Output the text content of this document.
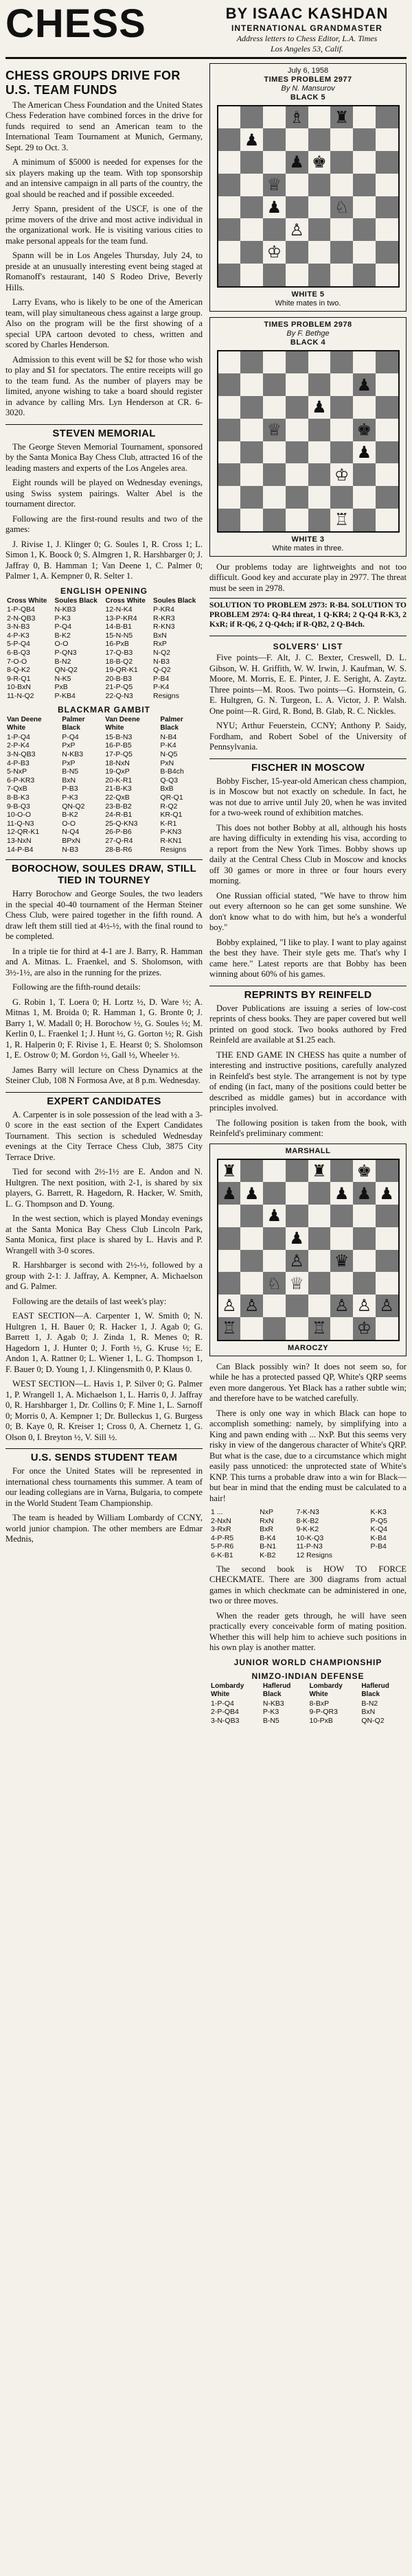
CHESS	BY ISAAC KASHDAN
INTERNATIONAL GRANDMASTER
Address letters to Chess Editor, L.A. Times
Los Angeles 53, Calif.
CHESS GROUPS DRIVE FOR U.S. TEAM FUNDS

The American Chess Foundation and the United States Chess Federation have combined forces in the drive for funds required to send an American team to the International Team Tournament at Munich, Germany, Sept. 29 to Oct. 3.

A minimum of $5000 is needed for expenses for the six players making up the team. With top sponsorship and an intensive campaign in all parts of the country, the goal should be reached and if possible exceeded.

Jerry Spann, president of the USCF, is one of the prime movers of the drive and most active individual in the organizational work. He is visiting various cities to make personal appeals for the team fund.

Spann will be in Los Angeles Thursday, July 24, to preside at an unusually interesting event being staged at Romanoff's restaurant, 140 S Rodeo Drive, Beverly Hills.

Larry Evans, who is likely to be one of the American team, will play simultaneous chess against a large group. Also on the program will be the first showing of a special UPA cartoon devoted to chess, written and scored by Charles Henderson.

Admission to this event will be $2 for those who wish to play and $1 for spectators. The entire receipts will go to the team fund. As the number of players may be limited, anyone wishing to take a board should register in advance by calling Mrs. Lyn Henderson at CR. 6-3020.

STEVEN MEMORIAL

The George Steven Memorial Tournament, sponsored by the Santa Monica Bay Chess Club, attracted 16 of the leading masters and experts of the Los Angeles area.

Eight rounds will be played on Wednesday evenings, using Swiss system pairings. Walter Abel is the tournament director.

Following are the first-round results and two of the games:

J. Rivise 1, J. Klinger 0; G. Soules 1, R. Cross 1; L. Simon 1, K. Boock 0; S. Almgren 1, R. Harshbarger 0; J. Jaffray 0, B. Hamman 1; Van Deene 1, C. Palmer 0; Palmer 1, A. Kempner 0, R. Selter 1.

ENGLISH OPENING
Cross White	Soules Black	Cross White	Soules Black
1-P-QB4	N-KB3	12-N-K4	P-KR4
2-N-QB3	P-K3	13-P-KR4	R-KR3
3-N-B3	P-Q4	14-B-B1	R-KN3
4-P-K3	B-K2	15-N-N5	BxN
5-P-Q4	O-O	16-PxB	RxP
6-B-Q3	P-QN3	17-Q-B3	N-Q2
7-O-O	B-N2	18-B-Q2	N-B3
8-Q-K2	QN-Q2	19-QR-K1	Q-Q2
9-R-Q1	N-K5	20-B-B3	P-B4
10-BxN	PxB	21-P-Q5	P-K4
11-N-Q2	P-KB4	22-Q-N3	Resigns
BLACKMAR GAMBIT
Van Deene White	Palmer Black	Van Deene White	Palmer Black
1-P-Q4	P-Q4	15-B-N3	N-B4
2-P-K4	PxP	16-P-B5	P-K4
3-N-QB3	N-KB3	17-P-Q5	N-Q5
4-P-B3	PxP	18-NxN	PxN
5-NxP	B-N5	19-QxP	B-B4ch
6-P-KR3	BxN	20-K-R1	Q-Q3
7-QxB	P-B3	21-B-K3	BxB
8-B-K3	P-K3	22-QxB	QR-Q1
9-B-Q3	QN-Q2	23-B-B2	R-Q2
10-O-O	B-K2	24-R-B1	KR-Q1
11-Q-N3	O-O	25-Q-KN3	K-R1
12-QR-K1	N-Q4	26-P-B6	P-KN3
13-NxN	BPxN	27-Q-R4	R-KN1
14-P-B4	N-B3	28-B-R6	Resigns
BOROCHOW, SOULES DRAW, STILL TIED IN TOURNEY

Harry Borochow and George Soules, the two leaders in the special 40-40 tournament of the Herman Steiner Chess Club, were paired together in the fifth round. A draw left them still tied at 4½-½, with the final round to be completed.

In a triple tie for third at 4-1 are J. Barry, R. Hamman and A. Mitnas. L. Fraenkel, and S. Sholomson, with 3½-1½, are also in the running for the prizes.

Following are the fifth-round details:

G. Robin 1, T. Loera 0; H. Lortz ½, D. Ware ½; A. Mitnas 1, M. Broida 0; R. Hamman 1, G. Bronte 0; J. Barry 1, W. Madall 0; H. Borochow ½, G. Soules ½; M. Kerlin 0, L. Fraenkel 1; J. Hunt ½, G. Gorton ½; R. Gish 1, R. Halperin 0; F. Rivise 1, E. Hearst 0; S. Sholomson 1, E. Ostrow 0; M. Gordon ½, Gall ½, Wheeler ½.

James Barry will lecture on Chess Dynamics at the Steiner Club, 108 N Formosa Ave, at 8 p.m. Wednesday.

EXPERT CANDIDATES

A. Carpenter is in sole possession of the lead with a 3-0 score in the east section of the Expert Candidates Tournament. This section is scheduled Wednesday evenings at the City Terrace Chess Club, 3875 City Terrace Drive.

Tied for second with 2½-1½ are E. Andon and N. Hultgren. The next position, with 2-1, is shared by six players, G. Barrett, R. Hagedorn, R. Hacker, W. Smith, L. G. Thompson and D. Young.

In the west section, which is played Monday evenings at the Santa Monica Bay Chess Club Lincoln Park, Santa Monica, first place is shared by L. Havis and P. Wrangell with 3-0 scores.

R. Harshbarger is second with 2½-½, followed by a group with 2-1: J. Jaffray, A. Kempner, A. Michaelson and G. Palmer.

Following are the details of last week's play:

EAST SECTION—A. Carpenter 1, W. Smith 0; N. Hultgren 1, H. Bauer 0; R. Hacker 1, J. Agab 0; G. Barrett 1, J. Agab 0; J. Zinda 1, R. Menes 0; R. Hagedorn 1, J. Hunter 0; J. Forth ½, G. Kruse ½; E. Andon 1, A. Rattner 0; L. Wiener 1, L. G. Thompson 1, F. Bauer 0; D. Young 1, J. Klingensmith 0, P. Klaus 0.

WEST SECTION—L. Havis 1, P. Silver 0; G. Palmer 1, P. Wrangell 1, A. Michaelson 1, L. Harris 0, J. Jaffray 0, R. Harshbarger 1, Dr. Collins 0; F. Mine 1, L. Sarnoff 0; Morris 0, A. Kempner 1; Dr. Bulleckus 1, G. Burgess 0; B. Kaye 0, R. Kreiser 1; Cross 0, A. Chernetz 1, G. Olson 0, I. Breyton ½, V. Sill ½.

U.S. SENDS STUDENT TEAM

For once the United States will be represented in international chess tournaments this summer. A team of our leading collegians are in Varna, Bulgaria, to compete in the World Student Team Championship.

The team is headed by William Lombardy of CCNY, world junior champion. The other members are Edmar Mednis,

July 6, 1958
TIMES PROBLEM 2977
By N. Mansurov
BLACK 5
♗ ♜
♟
♟ ♚
♕
♟	♘
♙
♔
WHITE 5
White mates in two.
TIMES PROBLEM 2978
By F. Bethge
BLACK 4
♟
♟
♕	♚
♟
♔
♖
WHITE 3
White mates in three.

Our problems today are lightweights and not too difficult. Good key and accurate play in 2977. The threat must be seen in 2978.

SOLUTION TO PROBLEM 2973: R-B4. SOLUTION TO PROBLEM 2974: Q-R4 threat, 1 Q-KR4; 2 Q-Q4 R-K3, 2 KxR; if R-Q6, 2 Q-Q4ch; if R-QB2, 2 Q-B4ch.

SOLVERS' LIST

Five points—F. Alt, J. C. Bexter, Creswell, D. L. Gibson, W. H. Griffith, W. W. Irwin, J. Kaufman, W. S. Moore, M. Morris, E. E. Pinter, J. E. Seright, A. Zaytz. Three points—M. Roos. Two points—G. Hornstein, G. E. Hultgren, G. N. Turgeon, L. A. Victor, J. P. Walsh. One point—R. Gird, R. Bond, B. Glab, R. C. Nickles.

NYU; Arthur Feuerstein, CCNY; Anthony P. Saidy, Fordham, and Robert Sobel of the University of Pennsylvania.

FISCHER IN MOSCOW

Bobby Fischer, 15-year-old American chess champion, is in Moscow but not exactly on schedule. In fact, he was not due to arrive until July 20, when he was invited for a two-week round of exhibition matches.

This does not bother Bobby at all, although his hosts are having difficulty in extending his visa, according to a report from the New York Times. Bobby shows up daily at the Central Chess Club in Moscow and knocks off 30 games or more in three or four hours every morning.

One Russian official stated, "We have to throw him out every afternoon so he can get some sunshine. We don't know what to do with him, but he's a wonderful boy."

Bobby explained, "I like to play. I want to play against the best they have. Their style gets me. That's why I came here." Latest reports are that Bobby has been winning about 60% of his games.

REPRINTS BY REINFELD

Dover Publications are issuing a series of low-cost reprints of chess books. They are paper covered but well printed on good stock. Two books authored by Fred Reinfeld are available at $1.25 each.

THE END GAME IN CHESS has quite a number of interesting and instructive positions, carefully analyzed in Reinfeld's best style. The arrangement is not by type of ending (in fact, many of the positions could better be described as middle games) but in accordance with principles involved.

The following position is taken from the book, with Reinfeld's preliminary comment:

MARSHALL
♜	♜ ♚
♟ ♟	♟ ♟ ♟
♟
♟
♙ ♛
♘ ♕
♙ ♙	♙ ♙ ♙
♖	♖ ♔
MAROCZY

Can Black possibly win? It does not seem so, for while he has a protected passed QP, White's QRP seems even more dangerous. Yet Black has a rather subtle win; and therefore have to be watched carefully.

There is only one way in which Black can hope to accomplish something: namely, by simplifying into a King and pawn ending with ... NxP. But this seems very risky in view of the dangerous character of White's QRP. But what is the case, due to a circumstance which might easily pass unnoticed: the unprotected state of White's KNP. This turns a probable draw into a win for Black—but bear in mind that the ending must be calculated to a hair!

1 ...	NxP	7-K-N3	K-K3
2-NxN	RxN	8-K-B2	P-Q5
3-RxR	BxR	9-K-K2	K-Q4
4-P-R5	B-K4	10-K-Q3	K-B4
5-P-R6	B-N1	11-P-N3	P-B4
6-K-B1	K-B2	12 Resigns	

The second book is HOW TO FORCE CHECKMATE. There are 300 diagrams from actual games in which checkmate can be administered in one, two or three moves.

When the reader gets through, he will have seen practically every conceivable form of mating position. Whether this will help him to achieve such positions in his own play is another matter.

JUNIOR WORLD CHAMPIONSHIP
NIMZO-INDIAN DEFENSE
Lombardy White	Haflerud Black	Lombardy White	Haflerud Black
1-P-Q4	N-KB3	8-BxP	B-N2
2-P-QB4	P-K3	9-P-QR3	BxN
3-N-QB3	B-N5	10-PxB	QN-Q2
